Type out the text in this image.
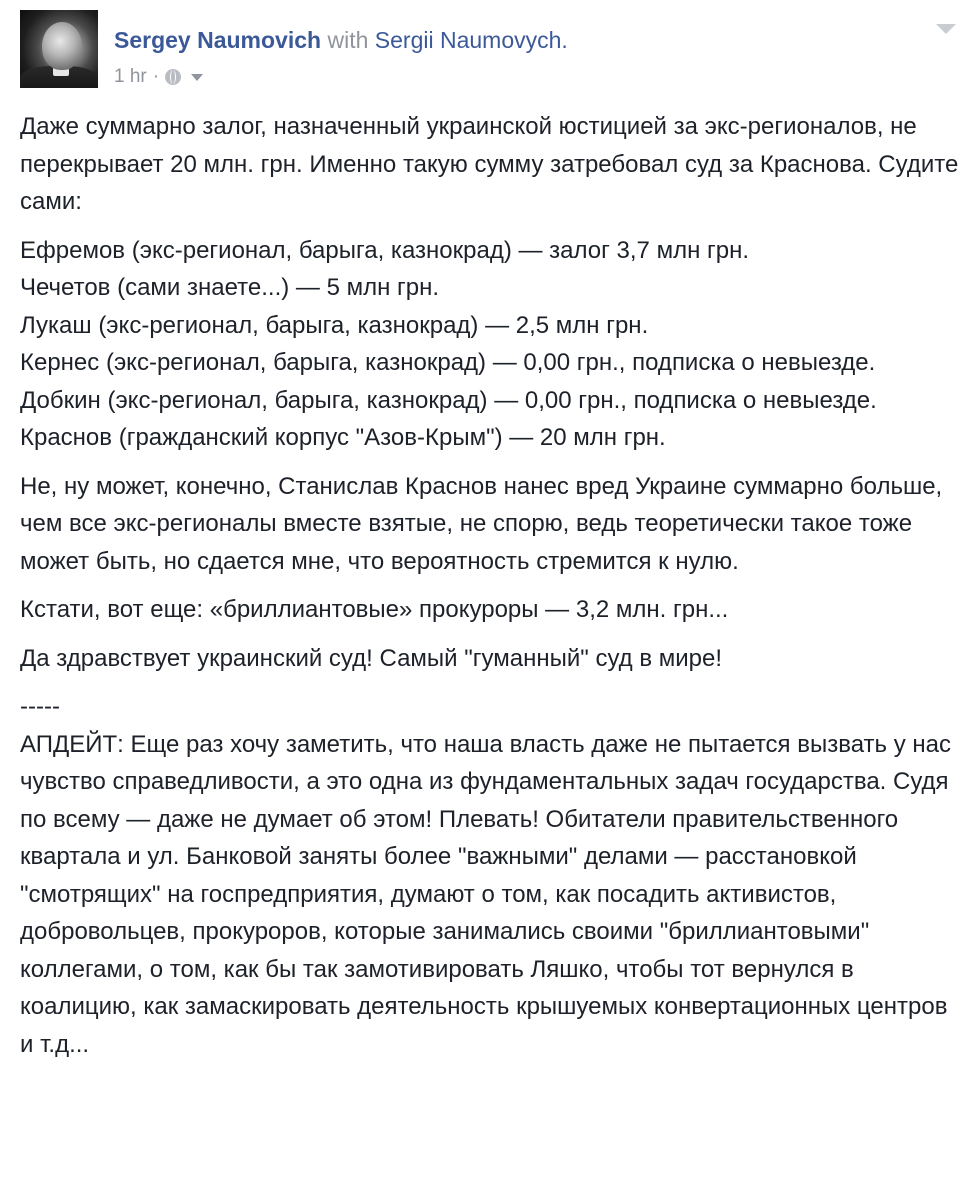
Sergey Naumovich with Sergii Naumovych.
1 hr ·

Даже суммарно залог, назначенный украинской юстицией за экс-регионалов, не перекрывает 20 млн. грн. Именно такую сумму затребовал суд за Краснова. Судите сами:

Ефремов (экс-регионал, барыга, казнокрад) — залог 3,7 млн грн.
Чечетов (сами знаете...) — 5 млн грн.
Лукаш (экс-регионал, барыга, казнокрад) — 2,5 млн грн.
Кернес (экс-регионал, барыга, казнокрад) — 0,00 грн., подписка о невыезде.
Добкин (экс-регионал, барыга, казнокрад) — 0,00 грн., подписка о невыезде.
Краснов (гражданский корпус "Азов-Крым") — 20 млн грн.

Не, ну может, конечно, Станислав Краснов нанес вред Украине суммарно больше, чем все экс-регионалы вместе взятые, не спорю, ведь теоретически такое тоже может быть, но сдается мне, что вероятность стремится к нулю.

Кстати, вот еще: «бриллиантовые» прокуроры — 3,2 млн. грн...

Да здравствует украинский суд! Самый "гуманный" суд в мире!

-----
АПДЕЙТ: Еще раз хочу заметить, что наша власть даже не пытается вызвать у нас чувство справедливости, а это одна из фундаментальных задач государства. Судя по всему — даже не думает об этом! Плевать! Обитатели правительственного квартала и ул. Банковой заняты более "важными" делами — расстановкой "смотрящих" на госпредприятия, думают о том, как посадить активистов, добровольцев, прокуроров, которые занимались своими "бриллиантовыми" коллегами, о том, как бы так замотивировать Ляшко, чтобы тот вернулся в коалицию, как замаскировать деятельность крышуемых конвертационных центров и т.д...
